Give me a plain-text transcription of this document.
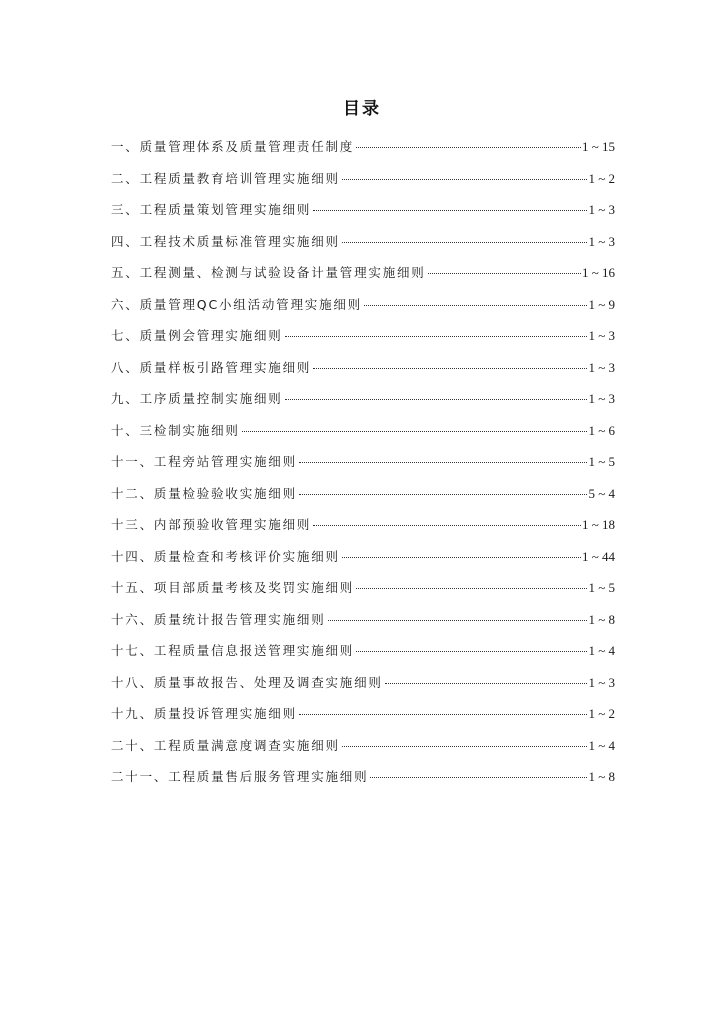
目录
一、质量管理体系及质量管理责任制度	1 ~ 15
二、工程质量教育培训管理实施细则	1 ~ 2
三、工程质量策划管理实施细则	1 ~ 3
四、工程技术质量标准管理实施细则	1 ~ 3
五、工程测量、检测与试验设备计量管理实施细则	1 ~ 16
六、质量管理QC小组活动管理实施细则	1 ~ 9
七、质量例会管理实施细则	1 ~ 3
八、质量样板引路管理实施细则	1 ~ 3
九、工序质量控制实施细则	1 ~ 3
十、三检制实施细则	1 ~ 6
十一、工程旁站管理实施细则	1 ~ 5
十二、质量检验验收实施细则	5 ~ 4
十三、内部预验收管理实施细则	1 ~ 18
十四、质量检查和考核评价实施细则	1 ~ 44
十五、项目部质量考核及奖罚实施细则	1 ~ 5
十六、质量统计报告管理实施细则	1 ~ 8
十七、工程质量信息报送管理实施细则	1 ~ 4
十八、质量事故报告、处理及调查实施细则	1 ~ 3
十九、质量投诉管理实施细则	1 ~ 2
二十、工程质量满意度调查实施细则	1 ~ 4
二十一、工程质量售后服务管理实施细则	1 ~ 8
